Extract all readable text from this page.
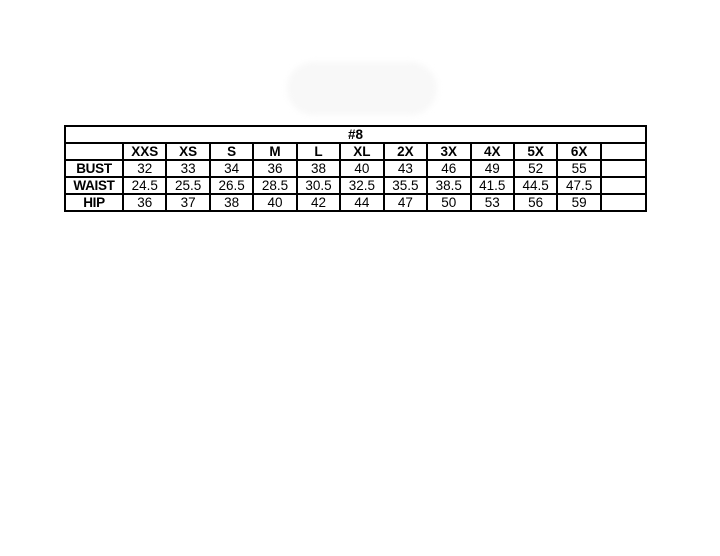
#8												
	XXS	XS	S	M	L	XL	2X	3X	4X	5X	6X	
BUST	32	33	34	36	38	40	43	46	49	52	55	
WAIST	24.5	25.5	26.5	28.5	30.5	32.5	35.5	38.5	41.5	44.5	47.5	
HIP	36	37	38	40	42	44	47	50	53	56	59	
